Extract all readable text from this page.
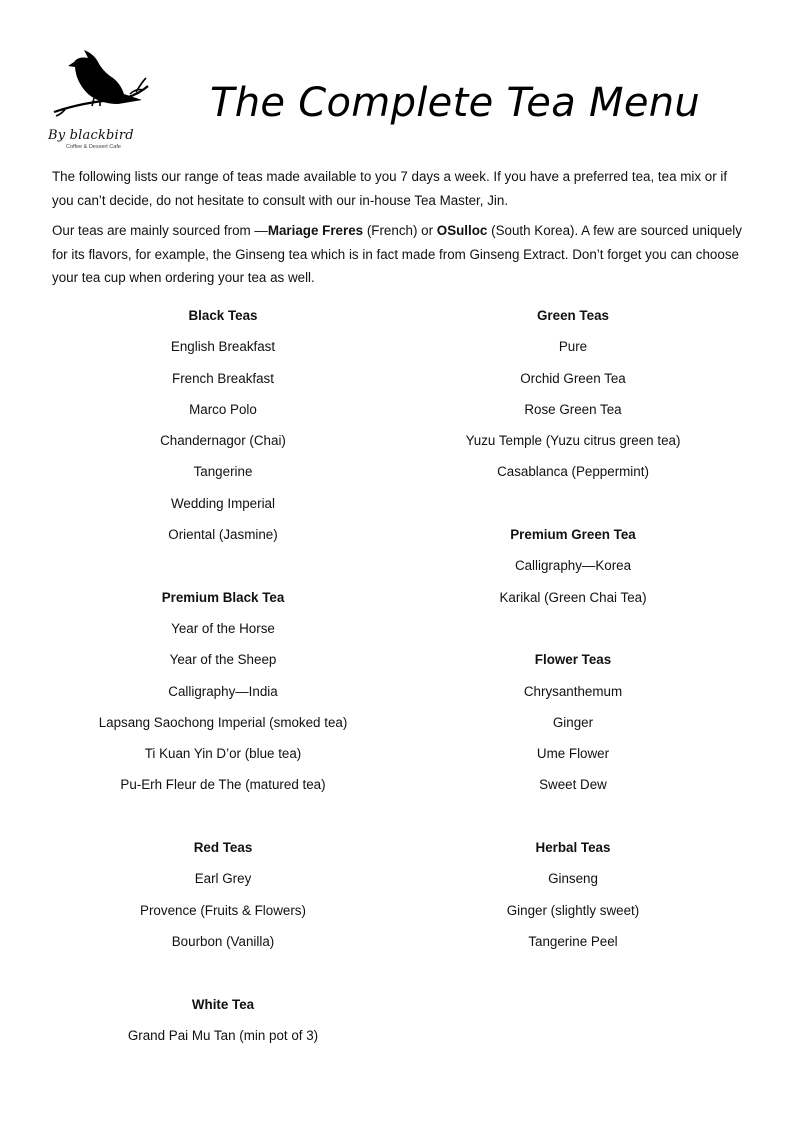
By blackbird
Coffee & Dessert Cafe
The Complete Tea Menu
The following lists our range of teas made available to you 7 days a week. If you have a preferred tea, tea mix or if you can’t decide, do not hesitate to consult with our in-house Tea Master, Jin.
Our teas are mainly sourced from —Mariage Freres (French) or OSulloc (South Korea). A few are sourced uniquely for its flavors, for example, the Ginseng tea which is in fact made from Ginseng Extract. Don’t forget you can choose your tea cup when ordering your tea as well.
Black Teas
English Breakfast
French Breakfast
Marco Polo
Chandernagor (Chai)
Tangerine
Wedding Imperial
Oriental (Jasmine)
Premium Black Tea
Year of the Horse
Year of the Sheep
Calligraphy—India
Lapsang Saochong Imperial (smoked tea)
Ti Kuan Yin D’or (blue tea)
Pu-Erh Fleur de The (matured tea)
Red Teas
Earl Grey
Provence (Fruits & Flowers)
Bourbon (Vanilla)
White Tea
Grand Pai Mu Tan (min pot of 3)
Green Teas
Pure
Orchid Green Tea
Rose Green Tea
Yuzu Temple (Yuzu citrus green tea)
Casablanca (Peppermint)
Premium Green Tea
Calligraphy—Korea
Karikal (Green Chai Tea)
Flower Teas
Chrysanthemum
Ginger
Ume Flower
Sweet Dew
Herbal Teas
Ginseng
Ginger (slightly sweet)
Tangerine Peel
